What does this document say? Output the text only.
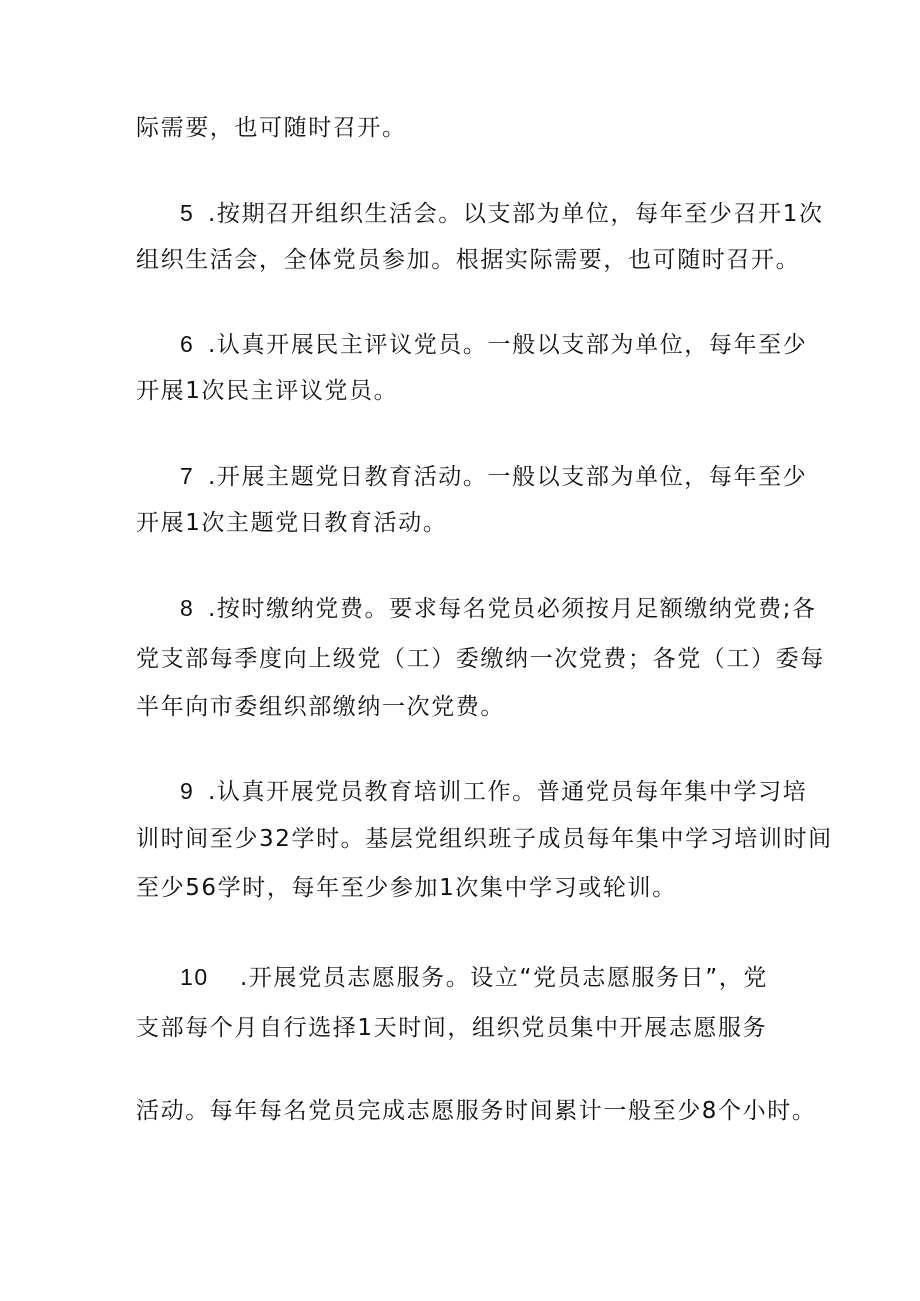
际需要，也可随时召开。
5 .按期召开组织生活会。以支部为单位，每年至少召开1次
组织生活会，全体党员参加。根据实际需要，也可随时召开。
6 .认真开展民主评议党员。一般以支部为单位，每年至少
开展1次民主评议党员。
7 .开展主题党日教育活动。一般以支部为单位，每年至少
开展1次主题党日教育活动。
8 .按时缴纳党费。要求每名党员必须按月足额缴纳党费;各
党支部每季度向上级党（工）委缴纳一次党费；各党（工）委每
半年向市委组织部缴纳一次党费。
9 .认真开展党员教育培训工作。普通党员每年集中学习培
训时间至少32学时。基层党组织班子成员每年集中学习培训时间
至少56学时，每年至少参加1次集中学习或轮训。
10 .开展党员志愿服务。设立“党员志愿服务日”，党
支部每个月自行选择1天时间，组织党员集中开展志愿服务
活动。每年每名党员完成志愿服务时间累计一般至少8个小时。
